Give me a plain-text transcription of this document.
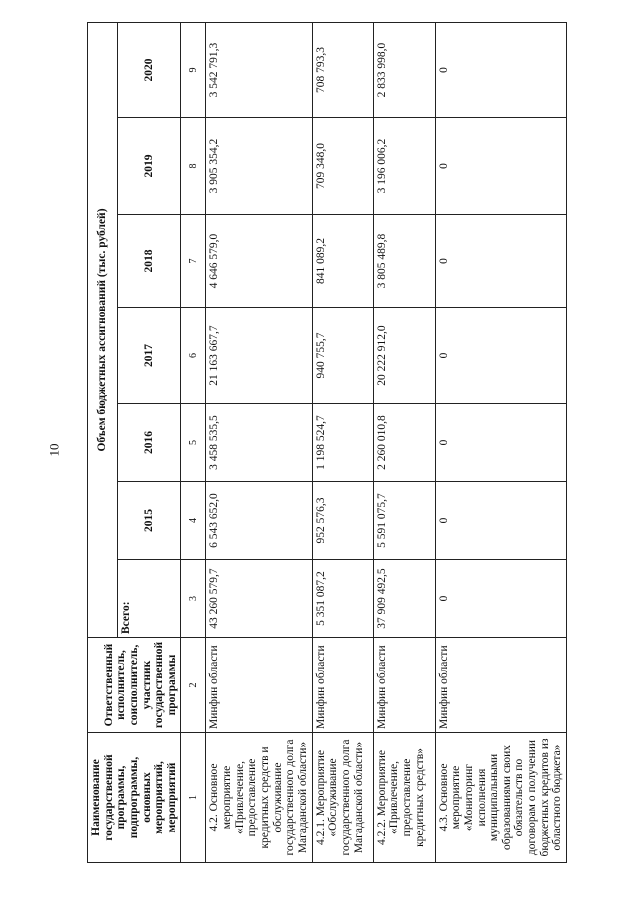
10
Наименование государственной программы, подпрограммы, основных мероприятий, мероприятий	Ответственный исполнитель, соисполнитель, участник государственной программы	Объем бюджетных ассигнований (тыс. рублей)						
		Всего:	2015	2016	2017	2018	2019	2020
1	2	3	4	5	6	7	8	9
4.2. Основное мероприятие «Привлечение, предоставление кредитных средств и обслуживание государственного долга Магаданской области»	Минфин области	43 260 579,7	6 543 652,0	3 458 535,5	21 163 667,7	4 646 579,0	3 905 354,2	3 542 791,3
4.2.1. Мероприятие «Обслуживание государственного долга Магаданской области»	Минфин области	5 351 087,2	952 576,3	1 198 524,7	940 755,7	841 089,2	709 348,0	708 793,3
4.2.2. Мероприятие «Привлечение, предоставление кредитных средств»	Минфин области	37 909 492,5	5 591 075,7	2 260 010,8	20 222 912,0	3 805 489,8	3 196 006,2	2 833 998,0
4.3. Основное мероприятие «Мониторинг исполнения муниципальными образованиями своих обязательств по договорам о получении бюджетных кредитов из областного бюджета»	Минфин области	0	0	0	0	0	0	0
